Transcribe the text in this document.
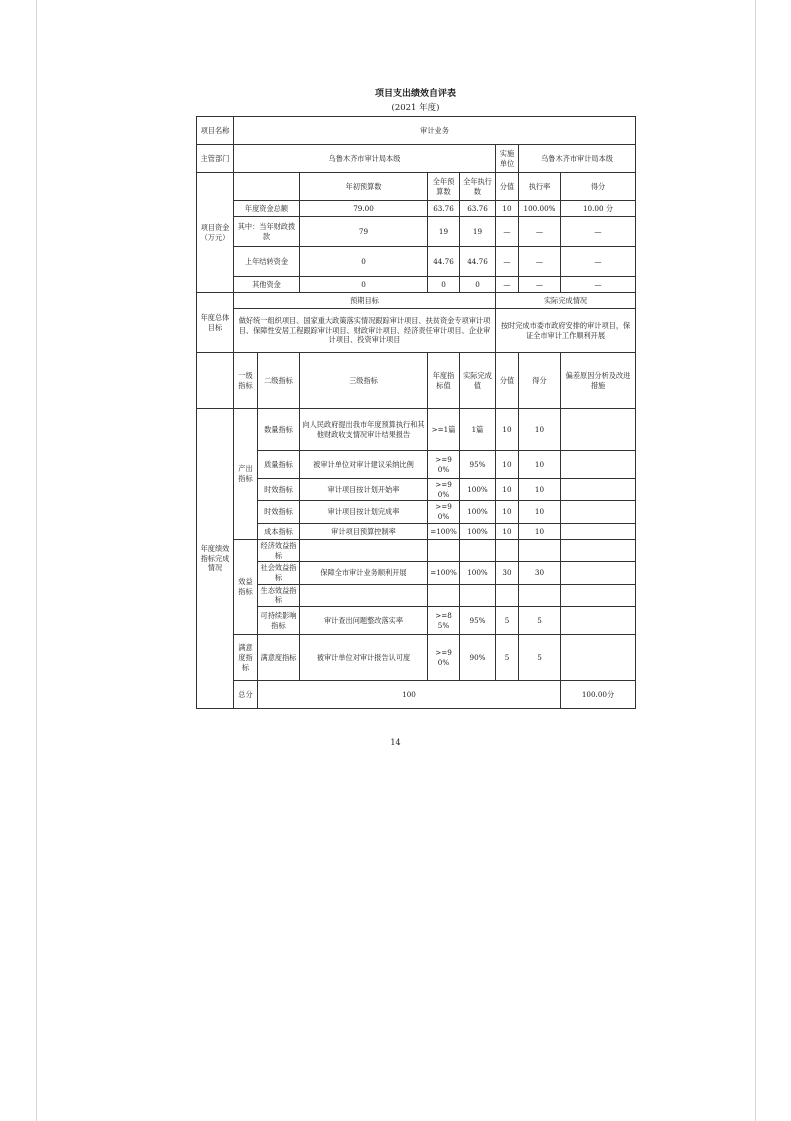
项目支出绩效自评表
(2021 年度)
项目名称	审计业务								
主管部门	乌鲁木齐市审计局本级					实施单位	乌鲁木齐市审计局本级		
项目资金（万元）			年初预算数	全年预算数	全年执行数	分值	执行率	得分	
	年度资金总额		79.00	63.76	63.76	10	100.00%	10.00 分	
	其中：当年财政拨款		79	19	19	—	—	—	
	上年结转资金		0	44.76	44.76	—	—	—	
	其他资金		0	0	0	—	—	—	
年度总体目标	预期目标					实际完成情况			
	做好统一组织项目、国家重大政策落实情况跟踪审计项目、扶贫资金专项审计项目、保障性安居工程跟踪审计项目、财政审计项目、经济责任审计项目、企业审计项目、投资审计项目					按时完成市委市政府安排的审计项目，保证全市审计工作顺利开展			
	一级指标	二级指标	三级指标	年度指标值	实际完成值	分值	得分	偏差原因分析及改进措施	
年度绩效指标完成情况	产出指标	数量指标	向人民政府提出我市年度预算执行和其他财政收支情况审计结果报告	>=1篇	1篇	10	10		
		质量指标	被审计单位对审计建议采纳比例	>=90%	95%	10	10		
		时效指标	审计项目按计划开始率	>=90%	100%	10	10		
		时效指标	审计项目按计划完成率	>=90%	100%	10	10		
		成本指标	审计项目预算控制率	=100%	100%	10	10		
	效益指标	经济效益指标							
		社会效益指标	保障全市审计业务顺利开展	=100%	100%	30	30		
		生态效益指标							
		可持续影响指标	审计查出问题整改落实率	>=85%	95%	5	5		
	满意度指标	满意度指标	被审计单位对审计报告认可度	>=90%	90%	5	5		
	总分	100						100.00分	
14
